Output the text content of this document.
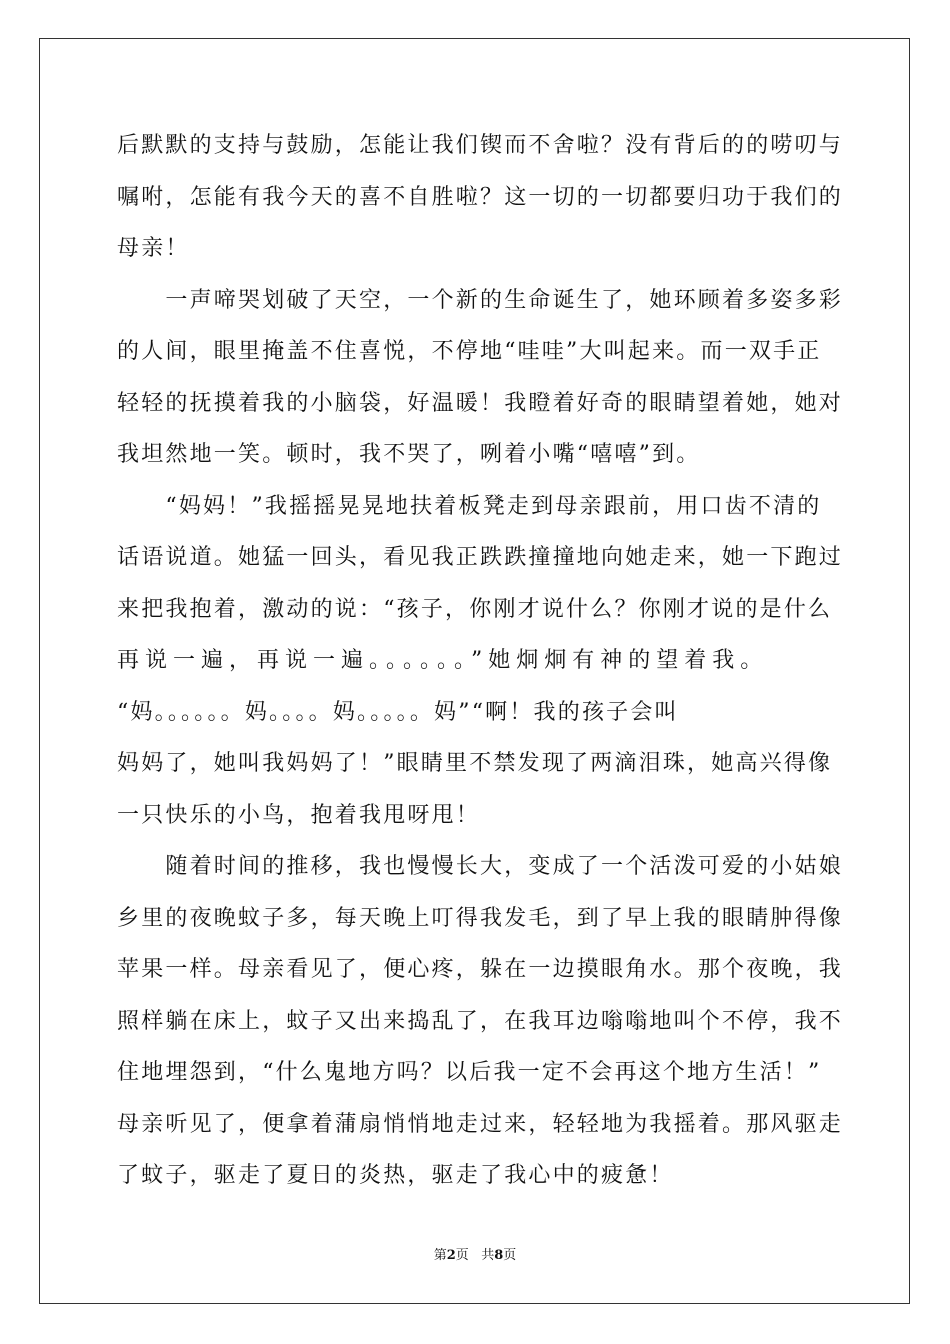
后默默的支持与鼓励，怎能让我们锲而不舍啦？没有背后的的唠叨与
嘱咐，怎能有我今天的喜不自胜啦？这一切的一切都要归功于我们的
母亲！
　　一声啼哭划破了天空，一个新的生命诞生了，她环顾着多姿多彩
的人间，眼里掩盖不住喜悦，不停地“哇哇”大叫起来。而一双手正
轻轻的抚摸着我的小脑袋，好温暖！我瞪着好奇的眼睛望着她，她对
我坦然地一笑。顿时，我不哭了，咧着小嘴“嘻嘻”到。
　　“妈妈！”我摇摇晃晃地扶着板凳走到母亲跟前，用口齿不清的
话语说道。她猛一回头，看见我正跌跌撞撞地向她走来，她一下跑过
来把我抱着，激动的说：“孩子，你刚才说什么？你刚才说的是什么
再说一遍，再说一遍。。。。。。”她炯炯有神的望着我。
“妈。。。。。。妈。。。。妈。。。。。妈”“啊！我的孩子会叫
妈妈了，她叫我妈妈了！”眼睛里不禁发现了两滴泪珠，她高兴得像
一只快乐的小鸟，抱着我甩呀甩！
　　随着时间的推移，我也慢慢长大，变成了一个活泼可爱的小姑娘
乡里的夜晚蚊子多，每天晚上叮得我发毛，到了早上我的眼睛肿得像
苹果一样。母亲看见了，便心疼，躲在一边摸眼角水。那个夜晚，我
照样躺在床上，蚊子又出来捣乱了，在我耳边嗡嗡地叫个不停，我不
住地埋怨到，“什么鬼地方吗？以后我一定不会再这个地方生活！”
母亲听见了，便拿着蒲扇悄悄地走过来，轻轻地为我摇着。那风驱走
了蚊子，驱走了夏日的炎热，驱走了我心中的疲惫！
第2页 共8页
